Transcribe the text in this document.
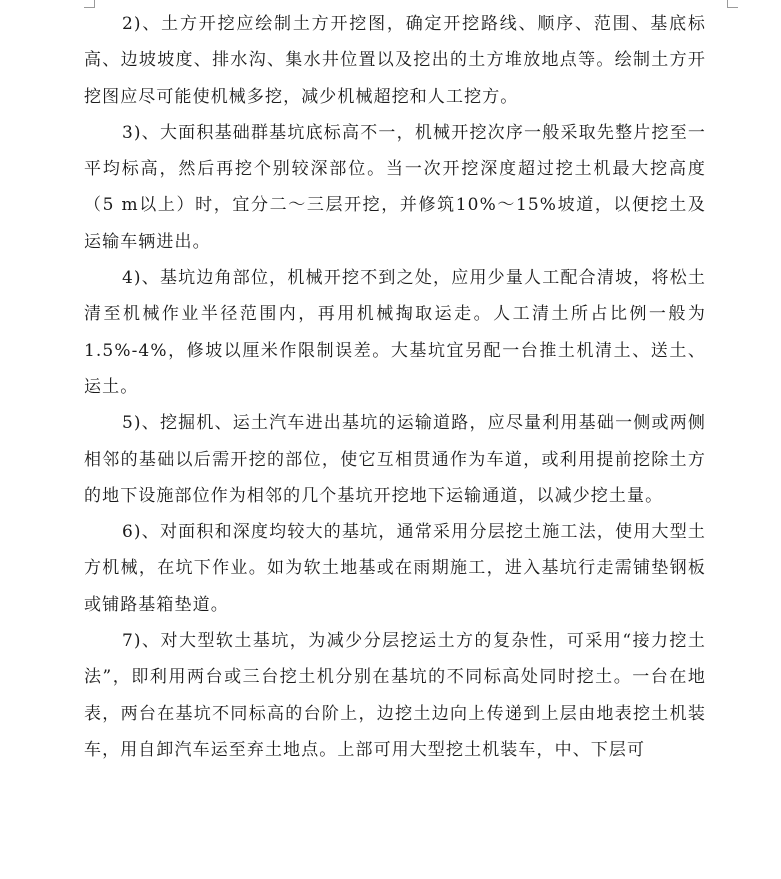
2)、土方开挖应绘制土方开挖图，确定开挖路线、顺序、范围、基底标高、边坡坡度、排水沟、集水井位置以及挖出的土方堆放地点等。绘制土方开挖图应尽可能使机械多挖，减少机械超挖和人工挖方。

3)、大面积基础群基坑底标高不一，机械开挖次序一般采取先整片挖至一平均标高，然后再挖个别较深部位。当一次开挖深度超过挖土机最大挖高度（5 m以上）时，宜分二～三层开挖，并修筑10%～15%坡道，以便挖土及运输车辆进出。

4)、基坑边角部位，机械开挖不到之处，应用少量人工配合清坡，将松土清至机械作业半径范围内，再用机械掏取运走。人工清土所占比例一般为1.5%-4%，修坡以厘米作限制误差。大基坑宜另配一台推土机清土、送土、运土。

5)、挖掘机、运土汽车进出基坑的运输道路，应尽量利用基础一侧或两侧相邻的基础以后需开挖的部位，使它互相贯通作为车道，或利用提前挖除土方的地下设施部位作为相邻的几个基坑开挖地下运输通道，以减少挖土量。

6)、对面积和深度均较大的基坑，通常采用分层挖土施工法，使用大型土方机械，在坑下作业。如为软土地基或在雨期施工，进入基坑行走需铺垫钢板或铺路基箱垫道。

7)、对大型软土基坑，为减少分层挖运土方的复杂性，可采用“接力挖土法”，即利用两台或三台挖土机分别在基坑的不同标高处同时挖土。一台在地表，两台在基坑不同标高的台阶上，边挖土边向上传递到上层由地表挖土机装车，用自卸汽车运至弃土地点。上部可用大型挖土机装车，中、下层可
